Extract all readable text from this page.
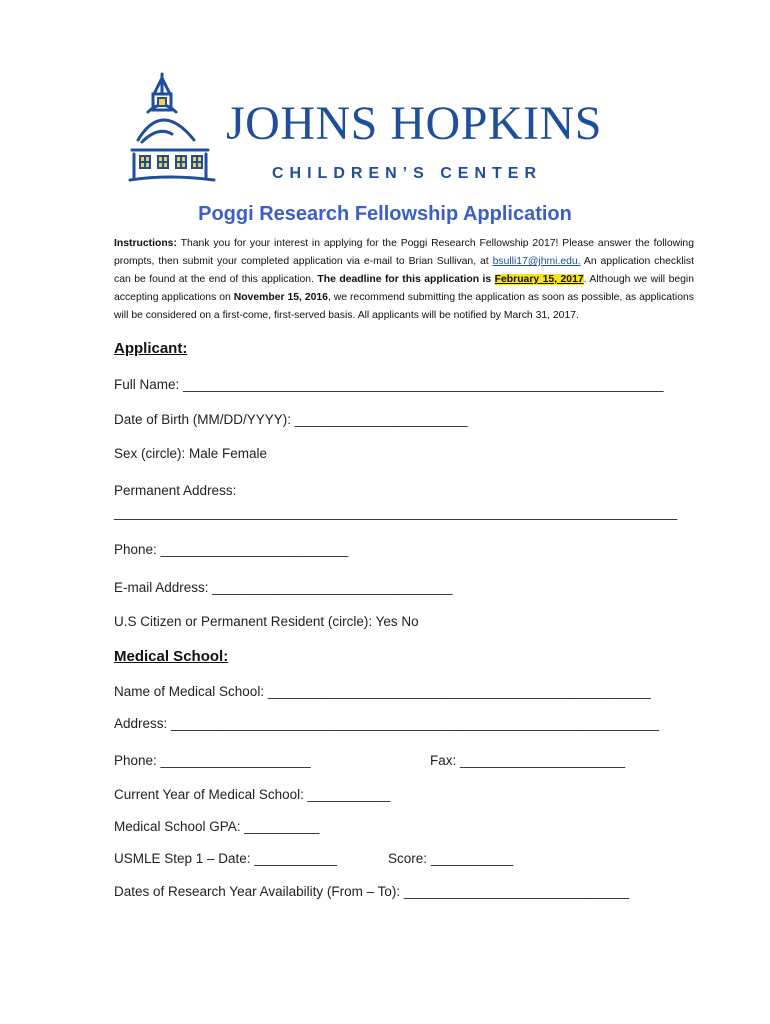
JOHNS HOPKINS
CHILDREN’S CENTER
Poggi Research Fellowship Application
Instructions: Thank you for your interest in applying for the Poggi Research Fellowship 2017! Please answer the following prompts, then submit your completed application via e-mail to Brian Sullivan, at bsulli17@jhmi.edu. An application checklist can be found at the end of this application. The deadline for this application is February 15, 2017. Although we will begin accepting applications on November 15, 2016, we recommend submitting the application as soon as possible, as applications will be considered on a first-come, first-served basis. All applicants will be notified by March 31, 2017.
Applicant:
Full Name: ________________________________________________________________
Date of Birth (MM/DD/YYYY): _______________________
Sex (circle): Male Female
Permanent Address:
___________________________________________________________________________
Phone: _________________________
E-mail Address: ________________________________
U.S Citizen or Permanent Resident (circle): Yes No
Medical School:
Name of Medical School: ___________________________________________________
Address: _________________________________________________________________
Phone: ____________________	Fax: ______________________
Current Year of Medical School: ___________
Medical School GPA: __________
USMLE Step 1 – Date: ___________	Score: ___________
Dates of Research Year Availability (From – To): ______________________________
